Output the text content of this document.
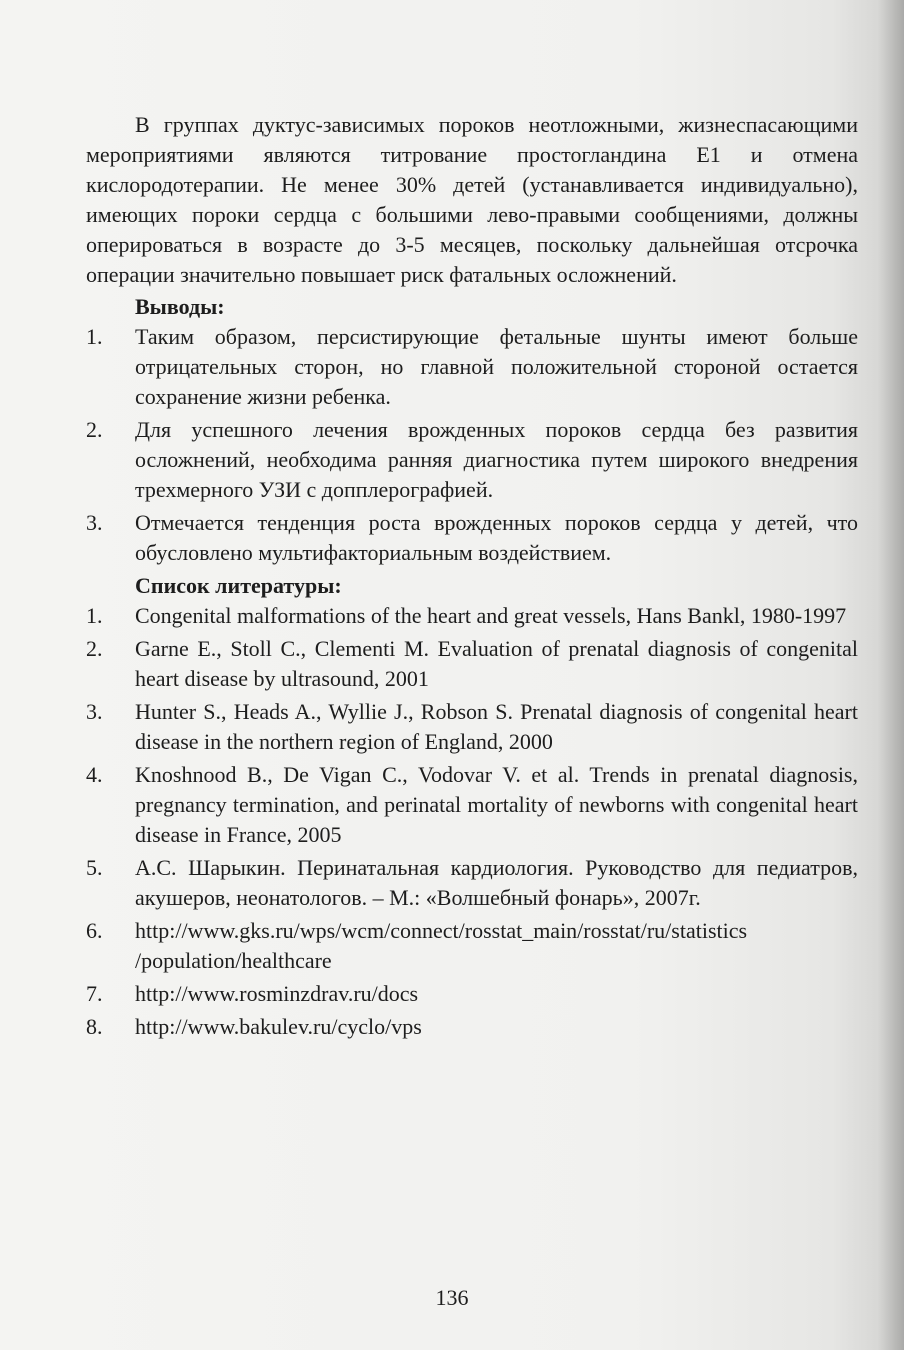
В группах дуктус-зависимых пороков неотложными, жизнеспасающими мероприятиями являются титрование простогландина Е1 и отмена кислородотерапии. Не менее 30% детей (устанавливается индивидуально), имеющих пороки сердца с большими лево-правыми сообщениями, должны оперироваться в возрасте до 3-5 месяцев, поскольку дальнейшая отсрочка операции значительно повышает риск фатальных осложнений.

Выводы:
1.	Таким образом, персистирующие фетальные шунты имеют больше отрицательных сторон, но главной положительной стороной остается сохранение жизни ребенка.
2.	Для успешного лечения врожденных пороков сердца без развития осложнений, необходима ранняя диагностика путем широкого внедрения трехмерного УЗИ с допплерографией.
3.	Отмечается тенденция роста врожденных пороков сердца у детей, что обусловлено мультифакториальным воздействием.
Список литературы:
1.	Congenital malformations of the heart and great vessels, Hans Bankl, 1980-1997
2.	Garne E., Stoll C., Clementi M. Evaluation of prenatal diagnosis of congenital heart disease by ultrasound, 2001
3.	Hunter S., Heads A., Wyllie J., Robson S. Prenatal diagnosis of congenital heart disease in the northern region of England, 2000
4.	Knoshnood B., De Vigan C., Vodovar V. et al. Trends in prenatal diagnosis, pregnancy termination, and perinatal mortality of newborns with congenital heart disease in France, 2005
5.	А.С. Шарыкин. Перинатальная кардиология. Руководство для педиатров, акушеров, неонатологов. – М.: «Волшебный фонарь», 2007г.
6.	http://www.gks.ru/wps/wcm/connect/rosstat_main/rosstat/ru/statistics /population/healthcare
7.	http://www.rosminzdrav.ru/docs
8.	http://www.bakulev.ru/cyclo/vps
136
